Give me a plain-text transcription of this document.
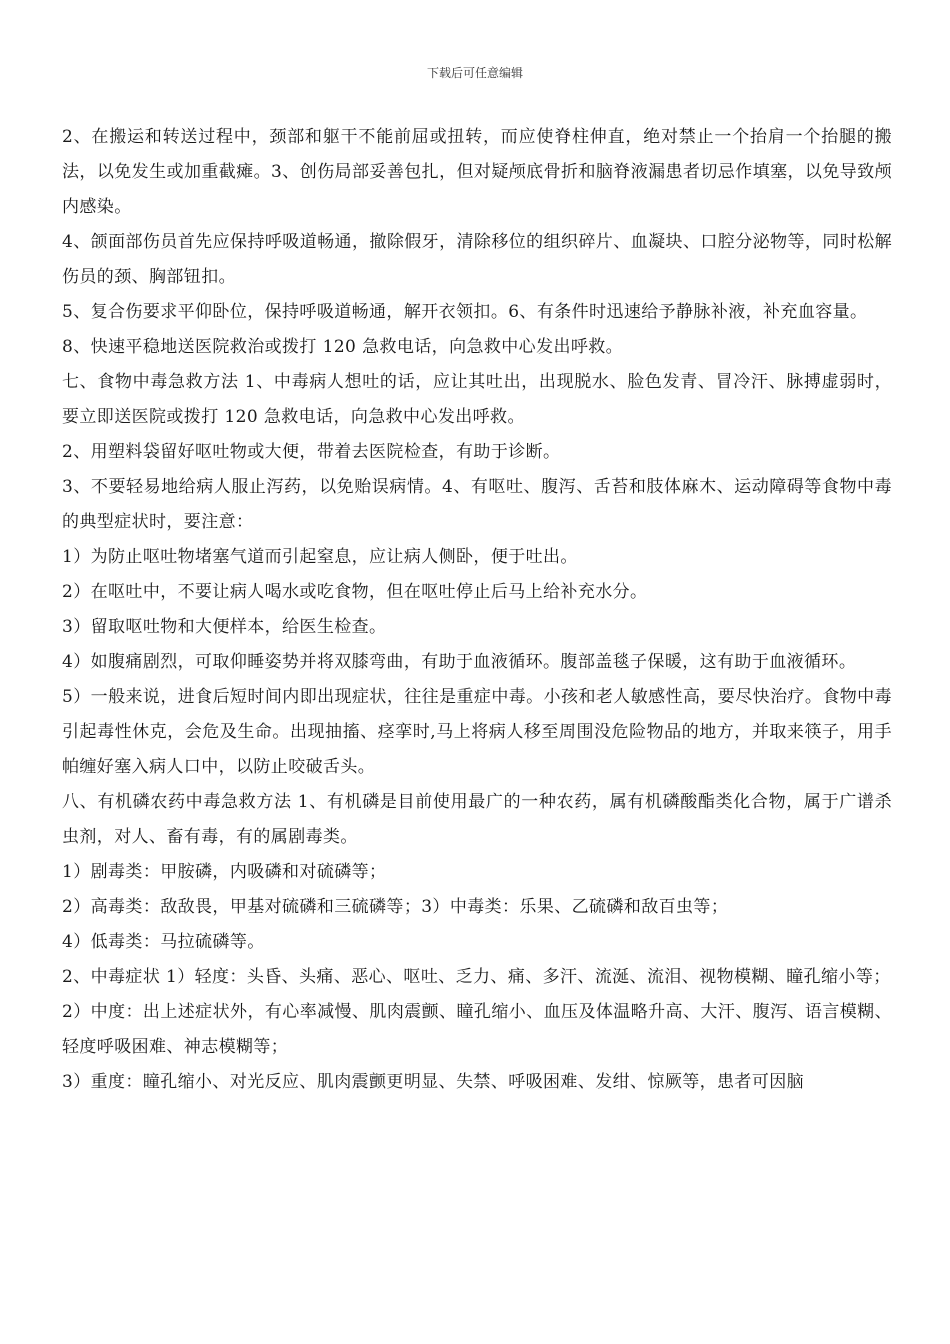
下载后可任意编辑

2、在搬运和转送过程中，颈部和躯干不能前屈或扭转，而应使脊柱伸直，绝对禁止一个抬肩一个抬腿的搬法，以免发生或加重截瘫。3、创伤局部妥善包扎，但对疑颅底骨折和脑脊液漏患者切忌作填塞，以免导致颅内感染。

4、颌面部伤员首先应保持呼吸道畅通，撤除假牙，清除移位的组织碎片、血凝块、口腔分泌物等，同时松解伤员的颈、胸部钮扣。

5、复合伤要求平仰卧位，保持呼吸道畅通，解开衣领扣。6、有条件时迅速给予静脉补液，补充血容量。

8、快速平稳地送医院救治或拨打 120 急救电话，向急救中心发出呼救。

七、食物中毒急救方法 1、中毒病人想吐的话，应让其吐出，出现脱水、脸色发青、冒冷汗、脉搏虚弱时，要立即送医院或拨打 120 急救电话，向急救中心发出呼救。

2、用塑料袋留好呕吐物或大便，带着去医院检查，有助于诊断。

3、不要轻易地给病人服止泻药，以免贻误病情。4、有呕吐、腹泻、舌苔和肢体麻木、运动障碍等食物中毒的典型症状时，要注意：

1）为防止呕吐物堵塞气道而引起窒息，应让病人侧卧，便于吐出。

2）在呕吐中，不要让病人喝水或吃食物，但在呕吐停止后马上给补充水分。

3）留取呕吐物和大便样本，给医生检查。

4）如腹痛剧烈，可取仰睡姿势并将双膝弯曲，有助于血液循环。腹部盖毯子保暖，这有助于血液循环。

5）一般来说，进食后短时间内即出现症状，往往是重症中毒。小孩和老人敏感性高，要尽快治疗。食物中毒引起毒性休克，会危及生命。出现抽搐、痉挛时,马上将病人移至周围没危险物品的地方，并取来筷子，用手帕缠好塞入病人口中，以防止咬破舌头。

八、有机磷农药中毒急救方法 1、有机磷是目前使用最广的一种农药，属有机磷酸酯类化合物，属于广谱杀虫剂，对人、畜有毒，有的属剧毒类。

1）剧毒类：甲胺磷，内吸磷和对硫磷等；

2）高毒类：敌敌畏，甲基对硫磷和三硫磷等；3）中毒类：乐果、乙硫磷和敌百虫等；

4）低毒类：马拉硫磷等。

2、中毒症状 1）轻度：头昏、头痛、恶心、呕吐、乏力、痛、多汗、流涎、流泪、视物模糊、瞳孔缩小等；

2）中度：出上述症状外，有心率减慢、肌肉震颤、瞳孔缩小、血压及体温略升高、大汗、腹泻、语言模糊、轻度呼吸困难、神志模糊等；

3）重度：瞳孔缩小、对光反应、肌肉震颤更明显、失禁、呼吸困难、发绀、惊厥等，患者可因脑
